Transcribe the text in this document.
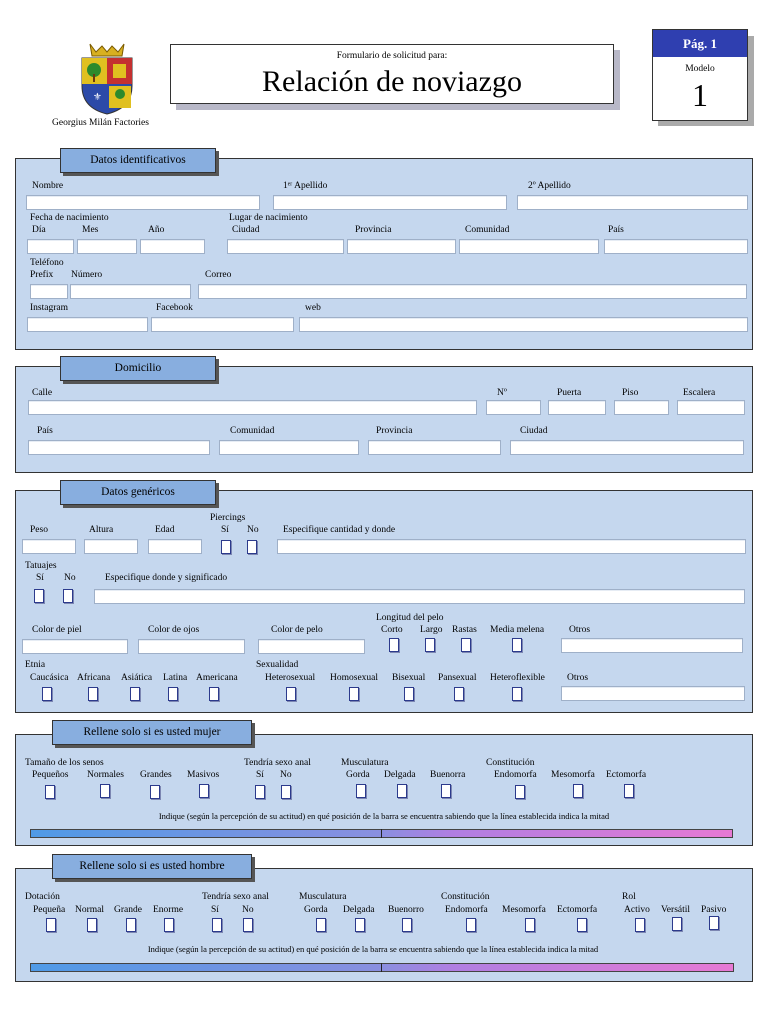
⚜
Georgius Milán Factories
Formulario de solicitud para:
Relación de noviazgo
Pág. 1
Modelo
1
Datos identificativos
Nombre	1ᵉʳ Apellido	2º Apellido
Fecha de nacimiento	Lugar de nacimiento
Día	Mes	Año	Ciudad	Provincia	Comunidad	País
Teléfono
Prefix Número	Correo
Instagram	Facebook	web
Domicilio
Calle	Nº	Puerta	Piso	Escalera
País	Comunidad	Provincia	Ciudad
Datos genéricos
Piercings
Peso	Altura	Edad	Sí No	Especifique cantidad y donde
Tatuajes
Sí No	Especifique donde y significado
Longitud del pelo
Color de piel	Color de ojos	Color de pelo	Corto Largo Rastas Media melena	Otros
Etnia	Sexualidad
Caucásica Africana Asiática Latina Americana	Heterosexual Homosexual Bisexual Pansexual Heteroflexible Otros
Rellene solo si es usted mujer
Tamaño de los senos	Tendría sexo anal	Musculatura	Constitución
Pequeños Normales Grandes Masivos	Sí No	Gorda Delgada Buenorra	Endomorfa Mesomorfa Ectomorfa
Indique (según la percepción de su actitud) en qué posición de la barra se encuentra sabiendo que la línea establecida indica la mitad
Rellene solo si es usted hombre
Dotación	Tendría sexo anal	Musculatura	Constitución	Rol
Pequeña Normal Grande Enorme	Sí No	Gorda Delgada Buenorro Endomorfa Mesomorfa Ectomorfa	Activo Versátil Pasivo
Indique (según la percepción de su actitud) en qué posición de la barra se encuentra sabiendo que la línea establecida indica la mitad
